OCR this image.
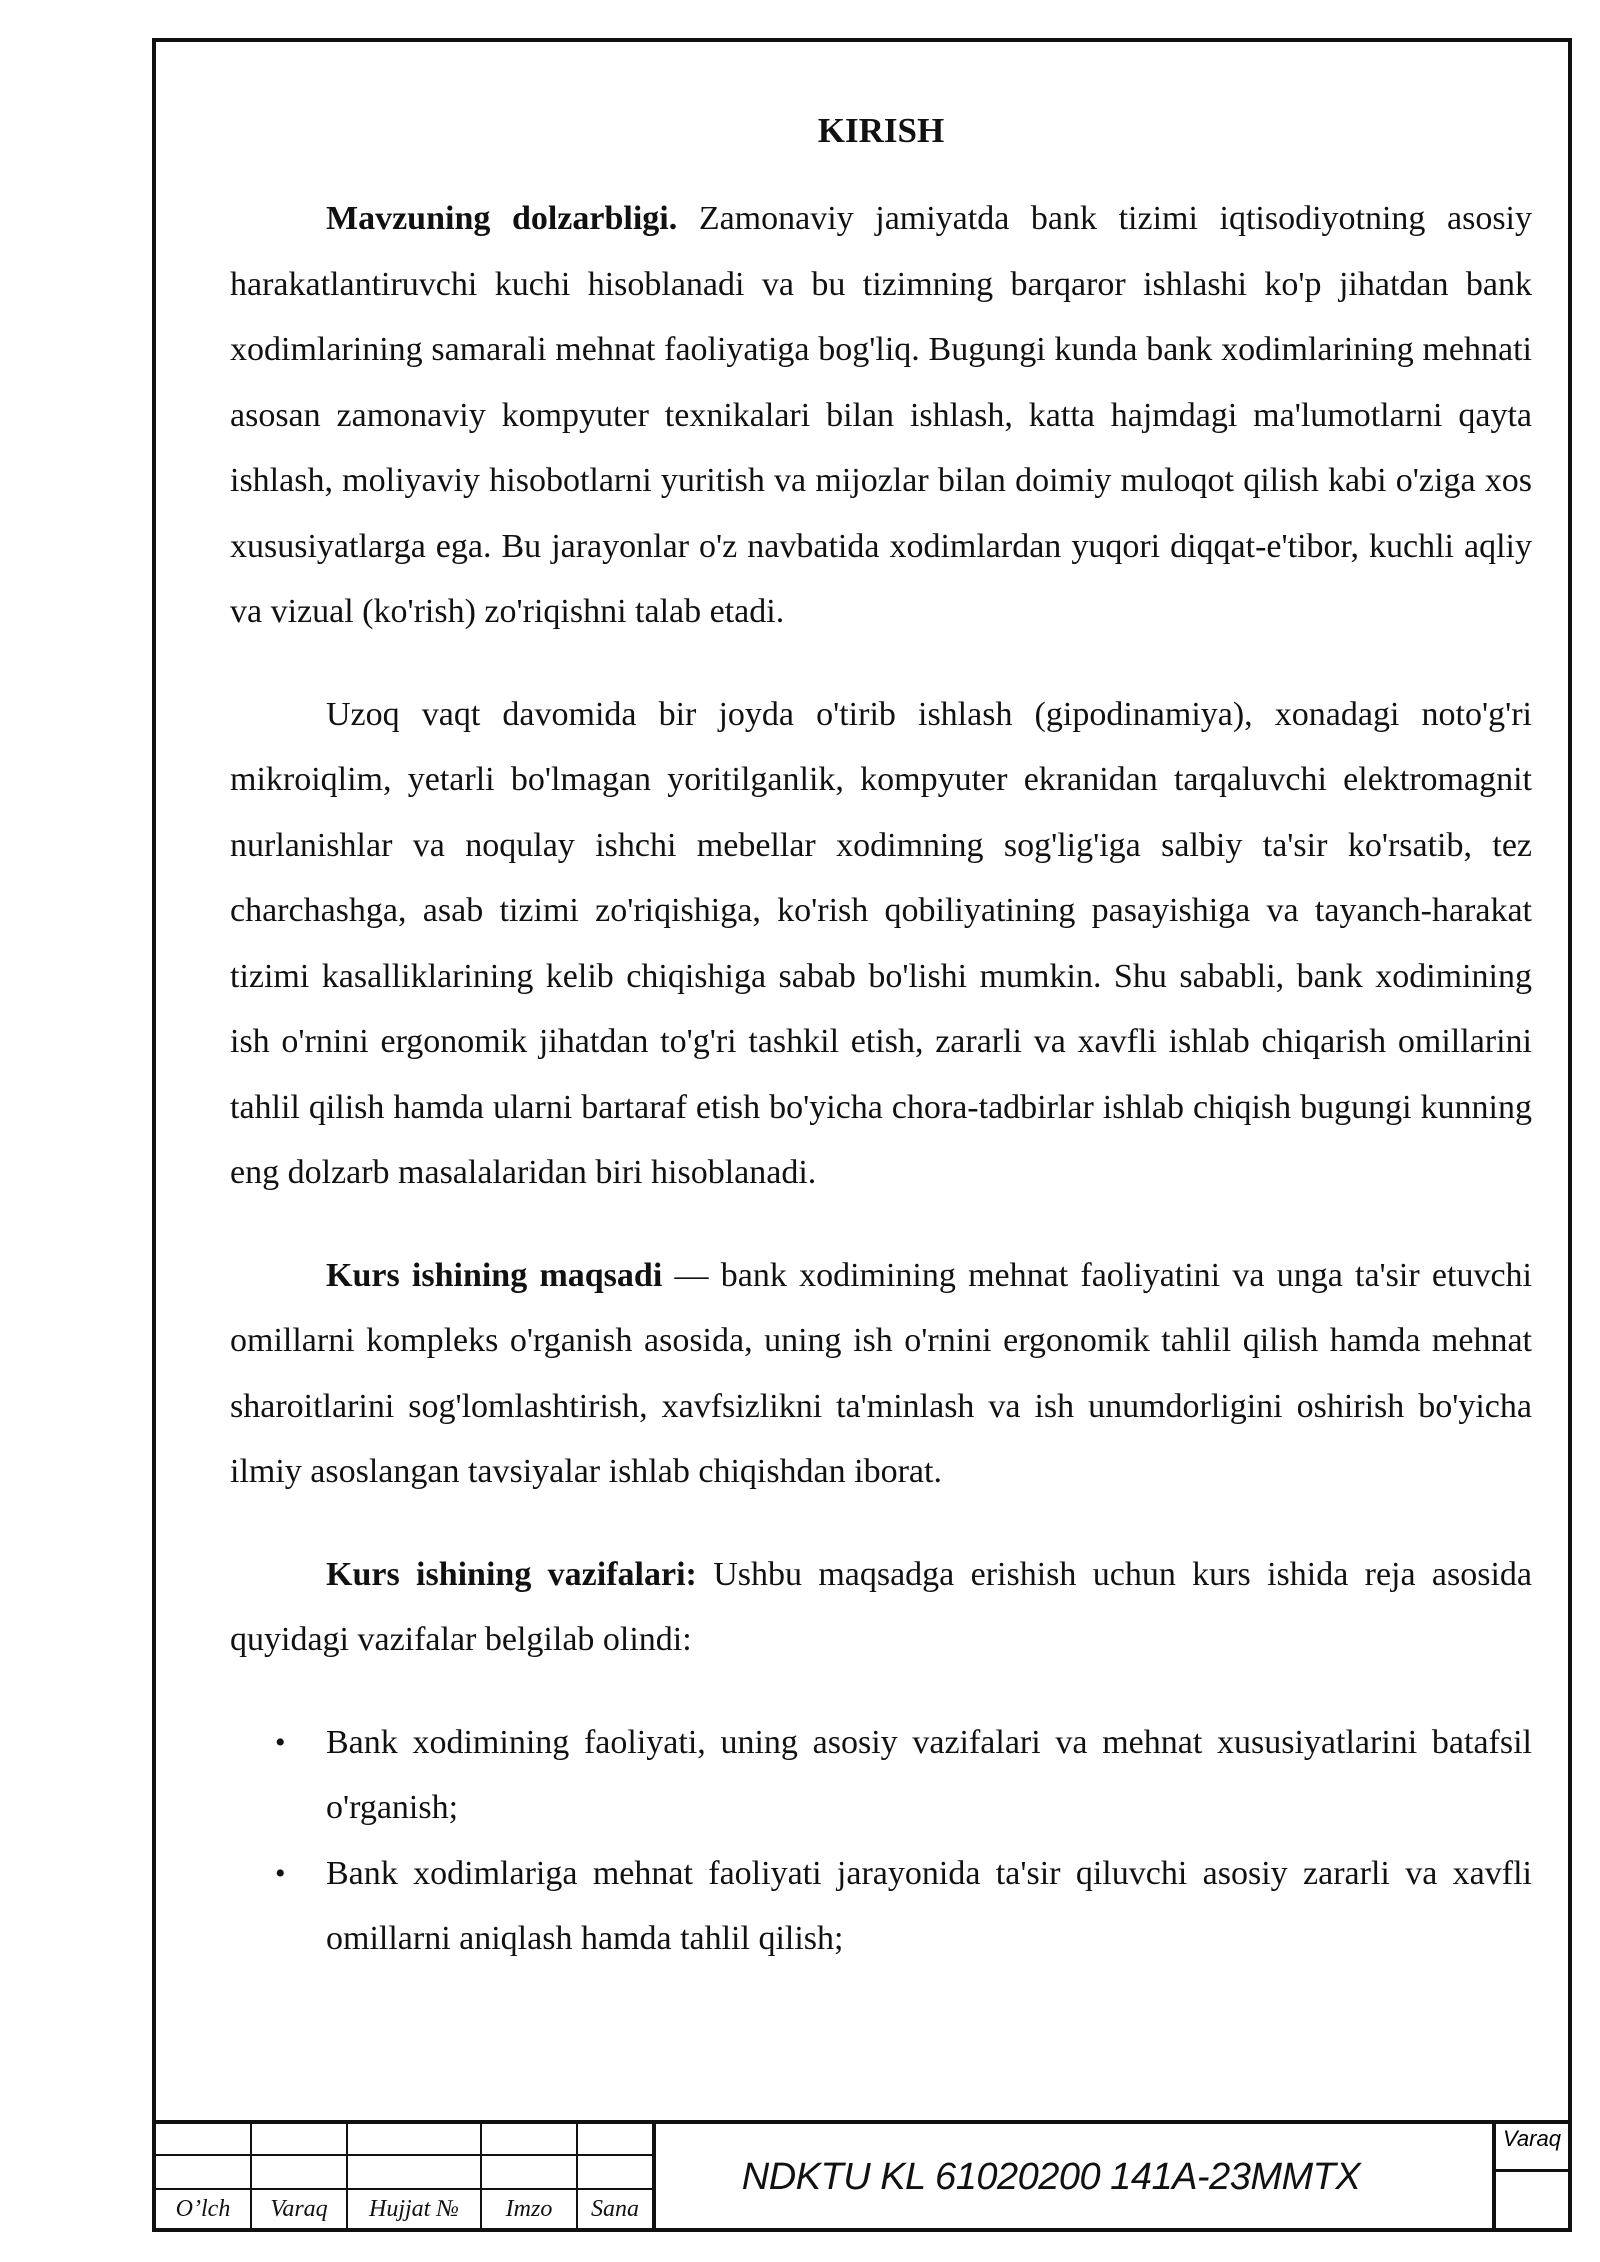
KIRISH

Mavzuning dolzarbligi. Zamonaviy jamiyatda bank tizimi iqtisodiyotning asosiy harakatlantiruvchi kuchi hisoblanadi va bu tizimning barqaror ishlashi ko'p jihatdan bank xodimlarining samarali mehnat faoliyatiga bog'liq. Bugungi kunda bank xodimlarining mehnati asosan zamonaviy kompyuter texnikalari bilan ishlash, katta hajmdagi ma'lumotlarni qayta ishlash, moliyaviy hisobotlarni yuritish va mijozlar bilan doimiy muloqot qilish kabi o'ziga xos xususiyatlarga ega. Bu jarayonlar o'z navbatida xodimlardan yuqori diqqat-e'tibor, kuchli aqliy va vizual (ko'rish) zo'riqishni talab etadi.

Uzoq vaqt davomida bir joyda o'tirib ishlash (gipodinamiya), xonadagi noto'g'ri mikroiqlim, yetarli bo'lmagan yoritilganlik, kompyuter ekranidan tarqaluvchi elektromagnit nurlanishlar va noqulay ishchi mebellar xodimning sog'lig'iga salbiy ta'sir ko'rsatib, tez charchashga, asab tizimi zo'riqishiga, ko'rish qobiliyatining pasayishiga va tayanch-harakat tizimi kasalliklarining kelib chiqishiga sabab bo'lishi mumkin. Shu sababli, bank xodimining ish o'rnini ergonomik jihatdan to'g'ri tashkil etish, zararli va xavfli ishlab chiqarish omillarini tahlil qilish hamda ularni bartaraf etish bo'yicha chora-tadbirlar ishlab chiqish bugungi kunning eng dolzarb masalalaridan biri hisoblanadi.

Kurs ishining maqsadi — bank xodimining mehnat faoliyatini va unga ta'sir etuvchi omillarni kompleks o'rganish asosida, uning ish o'rnini ergonomik tahlil qilish hamda mehnat sharoitlarini sog'lomlashtirish, xavfsizlikni ta'minlash va ish unumdorligini oshirish bo'yicha ilmiy asoslangan tavsiyalar ishlab chiqishdan iborat.

Kurs ishining vazifalari: Ushbu maqsadga erishish uchun kurs ishida reja asosida quyidagi vazifalar belgilab olindi:

• Bank xodimining faoliyati, uning asosiy vazifalari va mehnat xususiyatlarini batafsil o'rganish;
• Bank xodimlariga mehnat faoliyati jarayonida ta'sir qiluvchi asosiy zararli va xavfli omillarni aniqlash hamda tahlil qilish;
O’lch	Varaq	Hujjat №	Imzo	Sana
NDKTU KL 61020200 141A-23MMTX
Varaq
